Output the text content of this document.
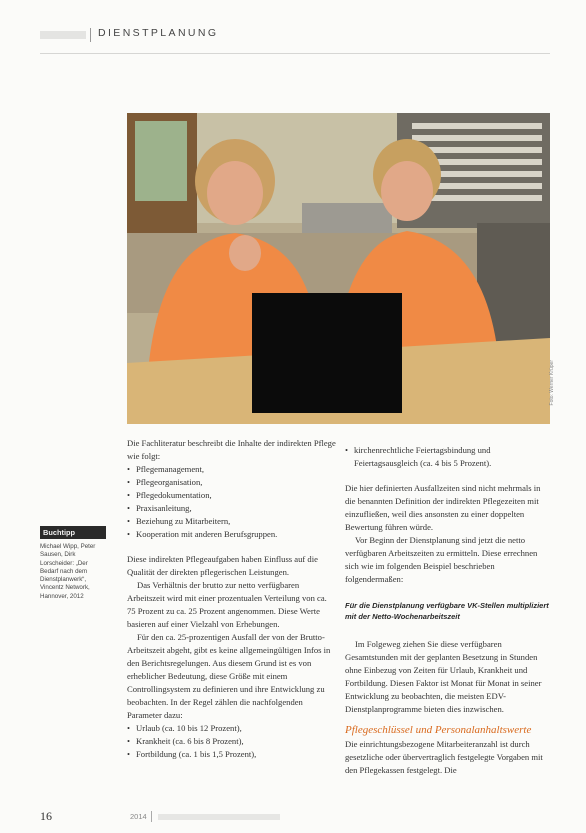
DIENSTPLANUNG
Foto: Werner Krüper
Buchtipp
Michael Wipp, Peter Sausen, Dirk Lorscheider: „Der Bedarf nach dem Dienstplanwerk“, Vincentz Network, Hannover, 2012

Die Fachliteratur beschreibt die Inhalte der indirekten Pflege wie folgt:

• Pflegemanagement,
• Pflegeorganisation,
• Pflegedokumentation,
• Praxisanleitung,
• Beziehung zu Mitarbeitern,
• Kooperation mit anderen Berufsgruppen.

Diese indirekten Pflegeaufgaben haben Einfluss auf die Qualität der direkten pflegerischen Leistungen.

Das Verhältnis der brutto zur netto verfügbaren Arbeitszeit wird mit einer prozentualen Verteilung von ca. 75 Prozent zu ca. 25 Prozent angenommen. Diese Werte basieren auf einer Vielzahl von Erhebungen.

Für den ca. 25-prozentigen Ausfall der von der Brutto-Arbeitszeit abgeht, gibt es keine allgemeingültigen Infos in den Berichtsregelungen. Aus diesem Grund ist es von erheblicher Bedeutung, diese Größe mit einem Controllingsystem zu definieren und ihre Entwicklung zu beobachten. In der Regel zählen die nachfolgenden Parameter dazu:

• Urlaub (ca. 10 bis 12 Prozent),
• Krankheit (ca. 6 bis 8 Prozent),
• Fortbildung (ca. 1 bis 1,5 Prozent),
• kirchenrechtliche Feiertagsbindung und Feiertagsausgleich (ca. 4 bis 5 Prozent).

Die hier definierten Ausfallzeiten sind nicht mehrmals in die benannten Definition der indirekten Pflegezeiten mit einzufließen, weil dies ansonsten zu einer doppelten Bewertung führen würde.

Vor Beginn der Dienstplanung sind jetzt die netto verfügbaren Arbeitszeiten zu ermitteln. Diese errechnen sich wie im folgenden Beispiel beschrieben folgendermaßen:

Für die Dienstplanung verfügbare VK-Stellen multipliziert mit der Netto-Wochenarbeitszeit

Im Folgeweg ziehen Sie diese verfügbaren Gesamtstunden mit der geplanten Besetzung in Stunden ohne Einbezug von Zeiten für Urlaub, Krankheit und Fortbildung. Diesen Faktor ist Monat für Monat in seiner Entwicklung zu beobachten, die meisten EDV-Dienstplanprogramme bieten dies inzwischen.

Pflegeschlüssel und Personalanhaltswerte

Die einrichtungsbezogene Mitarbeiteranzahl ist durch gesetzliche oder übervertraglich festgelegte Vorgaben mit den Pflegekassen festgelegt. Die

16	2014
